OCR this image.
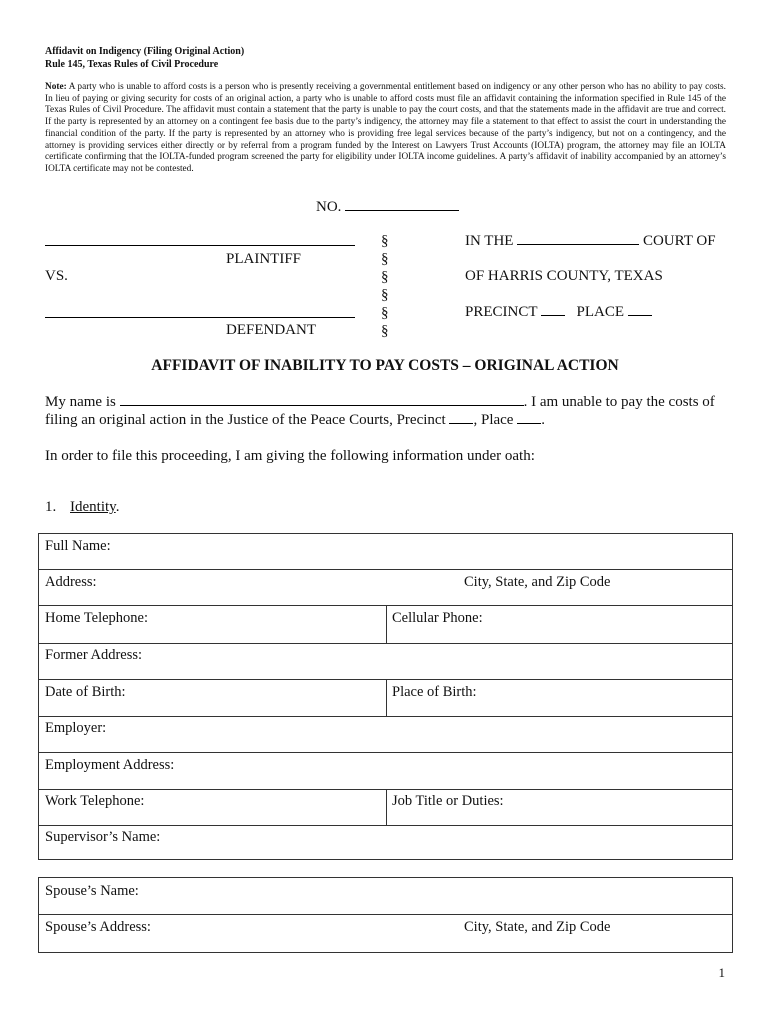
Affidavit on Indigency (Filing Original Action)
Rule 145, Texas Rules of Civil Procedure
Note: A party who is unable to afford costs is a person who is presently receiving a governmental entitlement based on indigency or any other person who has no ability to pay costs. In lieu of paying or giving security for costs of an original action, a party who is unable to afford costs must file an affidavit containing the information specified in Rule 145 of the Texas Rules of Civil Procedure. The affidavit must contain a statement that the party is unable to pay the court costs, and that the statements made in the affidavit are true and correct. If the party is represented by an attorney on a contingent fee basis due to the party’s indigency, the attorney may file a statement to that effect to assist the court in understanding the financial condition of the party. If the party is represented by an attorney who is providing free legal services because of the party’s indigency, but not on a contingency, and the attorney is providing services either directly or by referral from a program funded by the Interest on Lawyers Trust Accounts (IOLTA) program, the attorney may file an IOLTA certificate confirming that the IOLTA-funded program screened the party for eligibility under IOLTA income guidelines. A party’s affidavit of inability accompanied by an attorney’s IOLTA certificate may not be contested.
NO.
PLAINTIFF
VS.
DEFENDANT
§
§
§
§
§
§
IN THE	COURT OF
OF HARRIS COUNTY, TEXAS
PRECINCT	PLACE
AFFIDAVIT OF INABILITY TO PAY COSTS – ORIGINAL ACTION
My name is	. I am unable to pay the costs of
filing an original action in the Justice of the Peace Courts, Precinct , Place .
In order to file this proceeding, I am giving the following information under oath:
1. Identity.
Full Name:
Address:	City, State, and Zip Code
Home Telephone:	Cellular Phone:
Former Address:
Date of Birth:	Place of Birth:
Employer:
Employment Address:
Work Telephone:	Job Title or Duties:
Supervisor’s Name:
Spouse’s Name:
Spouse’s Address:	City, State, and Zip Code
1
